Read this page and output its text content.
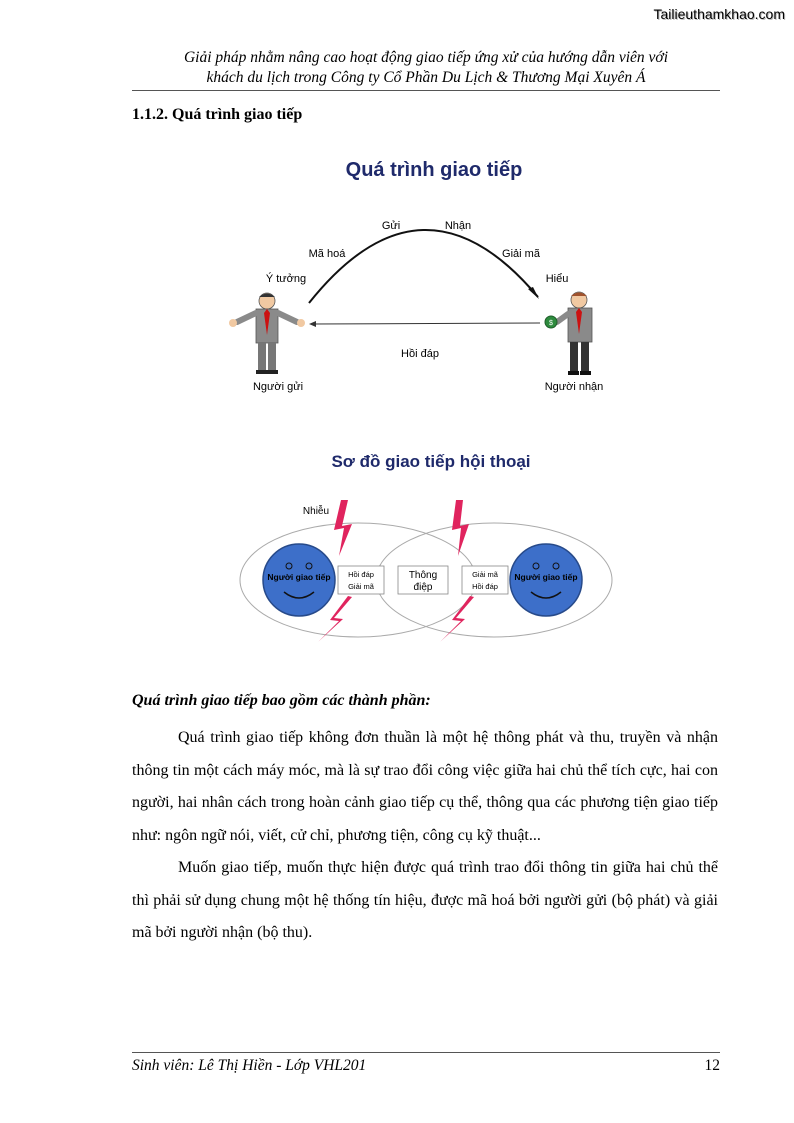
Tailieuthamkhao.com
Giải pháp nhằm nâng cao hoạt động giao tiếp ứng xử của hướng dẫn viên với
khách du lịch trong Công ty Cổ Phần Du Lịch & Thương Mại Xuyên Á
1.1.2. Quá trình giao tiếp
Quá trình giao tiếp
Gửi	Nhận
Mã hoá	Giải mã
Ý tưởng	Hiểu
Hồi đáp
Người gửi	Người nhận
$
Sơ đồ giao tiếp hội thoại
Nhiễu
Người giao tiếp	Người giao tiếp
Hồi đáp
Giải mã
Thông
điệp
Giải mã
Hồi đáp
Quá trình giao tiếp bao gồm các thành phần:

Quá trình giao tiếp không đơn thuần là một hệ thông phát và thu, truyền và nhận thông tin một cách máy móc, mà là sự trao đổi công việc giữa hai chủ thể tích cực, hai con người, hai nhân cách trong hoàn cảnh giao tiếp cụ thể, thông qua các phương tiện giao tiếp như: ngôn ngữ nói, viết, cử chỉ, phương tiện, công cụ kỹ thuật...

Muốn giao tiếp, muốn thực hiện được quá trình trao đổi thông tin giữa hai chủ thể thì phải sử dụng chung một hệ thống tín hiệu, được mã hoá bởi người gửi (bộ phát) và giải mã bởi người nhận (bộ thu).

Sinh viên: Lê Thị Hiền - Lớp VHL201	12
